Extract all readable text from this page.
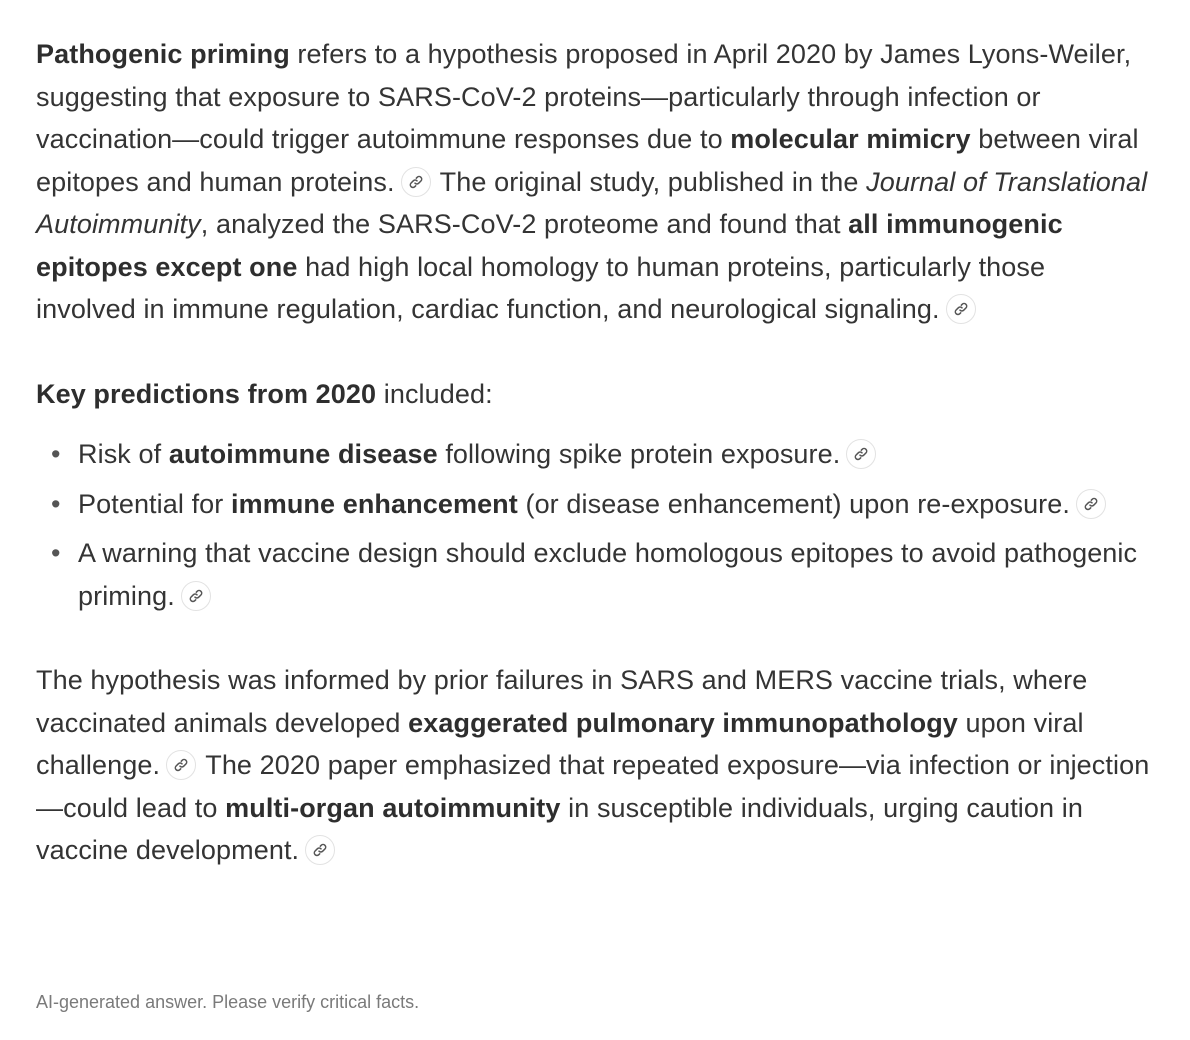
Pathogenic priming refers to a hypothesis proposed in April 2020 by James Lyons-Weiler, suggesting that exposure to SARS-CoV-2 proteins—particularly through infection or vaccination—could trigger autoimmune responses due to molecular mimicry between viral epitopes and human proteins.
The original study, published in the Journal of Translational Autoimmunity, analyzed the SARS-CoV-2 proteome and found that all immunogenic epitopes except one had high local homology to human proteins, particularly those involved in immune regulation, cardiac function, and neurological signaling.

Key predictions from 2020 included:

• Risk of autoimmune disease following spike protein exposure.
• Potential for immune enhancement (or disease enhancement) upon re-exposure.
• A warning that vaccine design should exclude homologous epitopes to avoid pathogenic priming.

The hypothesis was informed by prior failures in SARS and MERS vaccine trials, where vaccinated animals developed exaggerated pulmonary immunopathology upon viral challenge.
The 2020 paper emphasized that repeated exposure—via infection or injection—could lead to multi-organ autoimmunity in susceptible individuals, urging caution in vaccine development.

AI-generated answer. Please verify critical facts.
